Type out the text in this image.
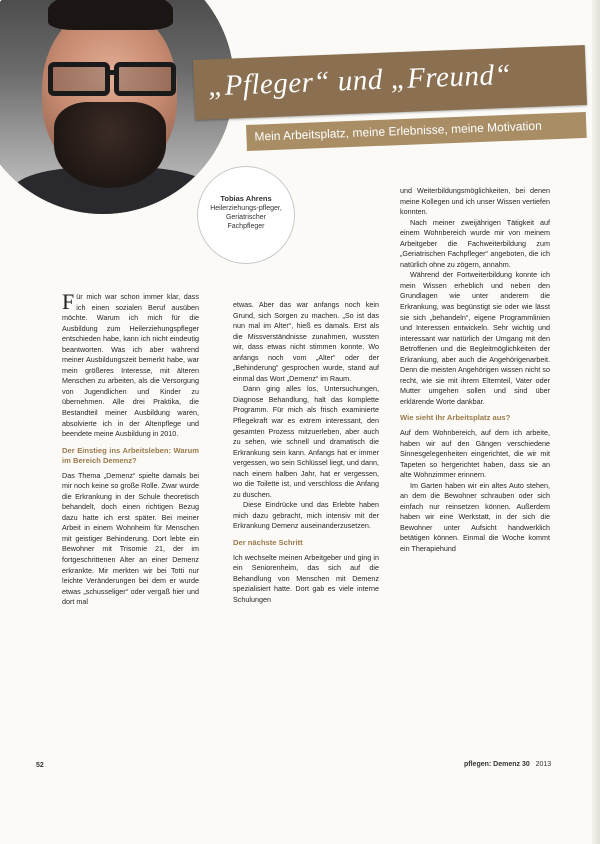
„Pfleger“ und „Freund“
Mein Arbeitsplatz, meine Erlebnisse, meine Motivation
Tobias Ahrens
Heilerziehungs-pfleger, Geriatrischer Fachpfleger

Für mich war schon immer klar, dass ich einen sozialen Beruf ausüben möchte. Warum ich mich für die Ausbildung zum Heilerziehungspfleger entschieden habe, kann ich nicht eindeutig beantworten. Was ich aber während meiner Ausbildungszeit bemerkt habe, war mein größeres Interesse, mit älteren Menschen zu arbeiten, als die Versorgung von Jugendlichen und Kinder zu übernehmen. Alle drei Praktika, die Bestandteil meiner Ausbildung waren, absolvierte ich in der Altenpflege und beendete meine Ausbildung in 2010.

Der Einstieg ins Arbeitsleben: Warum im Bereich Demenz?

Das Thema „Demenz“ spielte damals bei mir noch keine so große Rolle. Zwar wurde die Erkrankung in der Schule theoretisch behandelt, doch einen richtigen Bezug dazu hatte ich erst später. Bei meiner Arbeit in einem Wohnheim für Menschen mit geistiger Behinderung. Dort lebte ein Bewohner mit Trisomie 21, der im fortgeschrittenen Alter an einer Demenz erkrankte. Mir merkten wir bei Totti nur leichte Veränderungen bei dem er wurde etwas „schusseliger“ oder vergaß hier und dort mal

etwas. Aber das war anfangs noch kein Grund, sich Sorgen zu machen. „So ist das nun mal im Alter“, hieß es damals. Erst als die Missverständnisse zunahmen, wussten wir, dass etwas nicht stimmen konnte. Wo anfangs noch vom „Alter“ oder der „Behinderung“ gesprochen wurde, stand auf einmal das Wort „Demenz“ im Raum.

Dann ging alles los, Untersuchungen, Diagnose Behandlung, halt das komplette Programm. Für mich als frisch examinierte Pflegekraft war es extrem interessant, den gesamten Prozess mitzuerleben, aber auch zu sehen, wie schnell und dramatisch die Erkrankung sein kann. Anfangs hat er immer vergessen, wo sein Schlüssel liegt, und dann, nach einem halben Jahr, hat er vergessen, wo die Toilette ist, und verschloss die Anfang zu duschen.

Diese Eindrücke und das Erlebte haben mich dazu gebracht, mich intensiv mit der Erkrankung Demenz auseinanderzusetzen.

Der nächste Schritt

Ich wechselte meinen Arbeitgeber und ging in ein Seniorenheim, das sich auf die Behandlung von Menschen mit Demenz spezialisiert hatte. Dort gab es viele interne Schulungen

und Weiterbildungsmöglichkeiten, bei denen meine Kollegen und ich unser Wissen vertiefen konnten.

Nach meiner zweijährigen Tätigkeit auf einem Wohnbereich wurde mir von meinem Arbeitgeber die Fachweiterbildung zum „Geriatrischen Fachpfleger“ angeboten, die ich natürlich ohne zu zögern, annahm.

Während der Fortweiterbildung konnte ich mein Wissen erheblich und neben den Grundlagen wie unter anderem die Erkrankung, was begünstigt sie oder wie lässt sie sich „behandeln“, eigene Programmlinien und Interessen entwickeln. Sehr wichtig und interessant war natürlich der Umgang mit den Betroffenen und die Begleitmöglichkeiten der Erkrankung, aber auch die Angehörigenarbeit. Denn die meisten Angehörigen wissen nicht so recht, wie sie mit ihrem Elternteil, Vater oder Mutter umgehen sollen und sind über erklärende Worte dankbar.

Wie sieht Ihr Arbeitsplatz aus?

Auf dem Wohnbereich, auf dem ich arbeite, haben wir auf den Gängen verschiedene Sinnesgelegenheiten eingerichtet, die wir mit Tapeten so hergerichtet haben, dass sie an alte Wohnzimmer erinnern.

Im Garten haben wir ein altes Auto stehen, an dem die Bewohner schrauben oder sich einfach nur reinsetzen können. Außerdem haben wir eine Werkstatt, in der sich die Bewohner unter Aufsicht handwerklich betätigen können. Einmal die Woche kommt ein Therapiehund

52	pflegen: Demenz 30 2013
